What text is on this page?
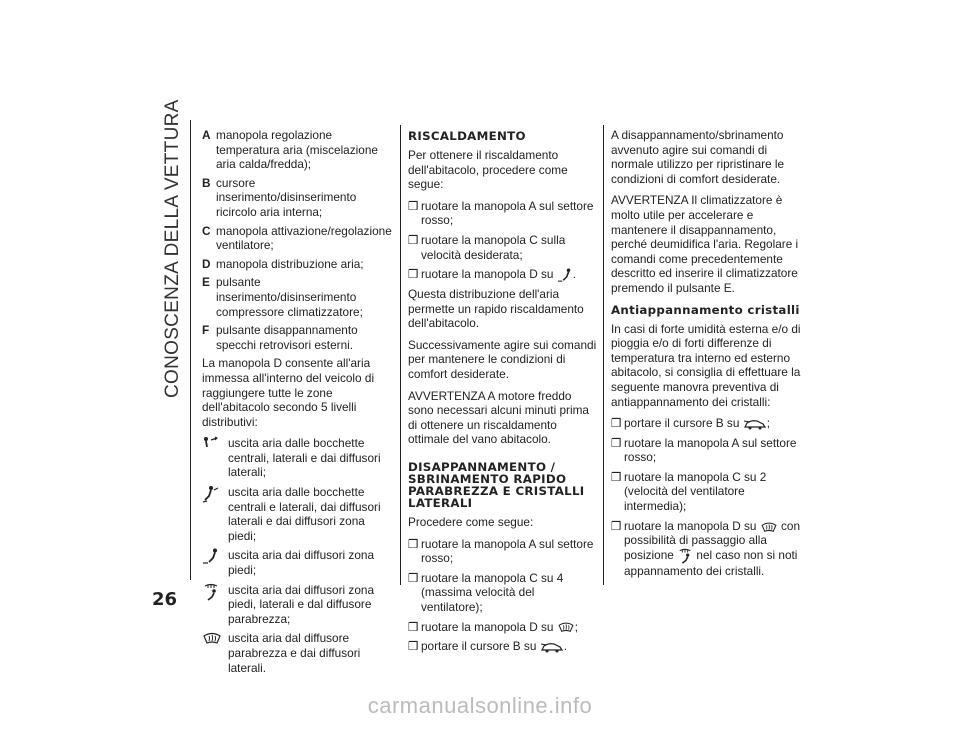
CONOSCENZA DELLA VETTURA
26
A manopola regolazione temperatura aria (miscelazione aria calda/fredda);
B cursore inserimento/disinserimento ricircolo aria interna;
C manopola attivazione/regolazione ventilatore;
D manopola distribuzione aria;
E pulsante inserimento/disinserimento compressore climatizzatore;
F pulsante disappannamento specchi retrovisori esterni.

La manopola D consente all'aria immessa all'interno del veicolo di raggiungere tutte le zone dell'abitacolo secondo 5 livelli distributivi:

uscita aria dalle bocchette centrali, laterali e dai diffusori laterali;
uscita aria dalle bocchette centrali e laterali, dai diffusori laterali e dai diffusori zona piedi;
uscita aria dai diffusori zona piedi;
uscita aria dai diffusori zona piedi, laterali e dal diffusore parabrezza;
uscita aria dal diffusore parabrezza e dai diffusori laterali.
RISCALDAMENTO

Per ottenere il riscaldamento dell'abitacolo, procedere come segue:

❒ ruotare la manopola A sul settore rosso;
❒ ruotare la manopola C sulla velocità desiderata;
❒ ruotare la manopola D su .

Questa distribuzione dell'aria permette un rapido riscaldamento dell'abitacolo.

Successivamente agire sui comandi per mantenere le condizioni di comfort desiderate.

AVVERTENZA A motore freddo sono necessari alcuni minuti prima di ottenere un riscaldamento ottimale del vano abitacolo.

DISAPPANNAMENTO / SBRINAMENTO RAPIDO PARABREZZA E CRISTALLI LATERALI

Procedere come segue:

❒ ruotare la manopola A sul settore rosso;
❒ ruotare la manopola C su 4 (massima velocità del ventilatore);
❒ ruotare la manopola D su ;
❒ portare il cursore B su .

A disappannamento/sbrinamento avvenuto agire sui comandi di normale utilizzo per ripristinare le condizioni di comfort desiderate.

AVVERTENZA Il climatizzatore è molto utile per accelerare e mantenere il disappannamento, perché deumidifica l'aria. Regolare i comandi come precedentemente descritto ed inserire il climatizzatore premendo il pulsante E.

Antiappannamento cristalli

In casi di forte umidità esterna e/o di pioggia e/o di forti differenze di temperatura tra interno ed esterno abitacolo, si consiglia di effettuare la seguente manovra preventiva di antiappannamento dei cristalli:

❒ portare il cursore B su ;
❒ ruotare la manopola A sul settore rosso;
❒ ruotare la manopola C su 2 (velocità del ventilatore intermedia);
❒ ruotare la manopola D su con possibilità di passaggio alla posizione nel caso non si noti appannamento dei cristalli.
carmanualsonline.info
